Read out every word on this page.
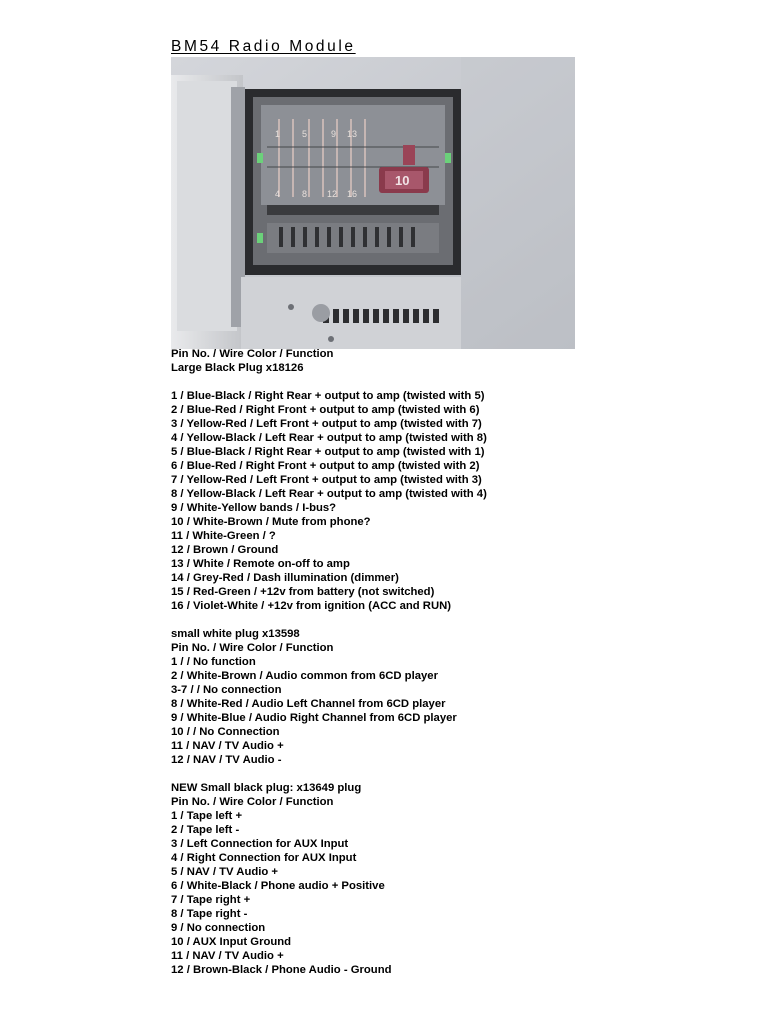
BM54 Radio Module
1 5	9 13
4 8 12 16
10
Pin No. / Wire Color / Function
Large Black Plug x18126
1 / Blue-Black / Right Rear + output to amp (twisted with 5)
2 / Blue-Red / Right Front + output to amp (twisted with 6)
3 / Yellow-Red / Left Front + output to amp (twisted with 7)
4 / Yellow-Black / Left Rear + output to amp (twisted with 8)
5 / Blue-Black / Right Rear + output to amp (twisted with 1)
6 / Blue-Red / Right Front + output to amp (twisted with 2)
7 / Yellow-Red / Left Front + output to amp (twisted with 3)
8 / Yellow-Black / Left Rear + output to amp (twisted with 4)
9 / White-Yellow bands / I-bus?
10 / White-Brown / Mute from phone?
11 / White-Green / ?
12 / Brown / Ground
13 / White / Remote on-off to amp
14 / Grey-Red / Dash illumination (dimmer)
15 / Red-Green / +12v from battery (not switched)
16 / Violet-White / +12v from ignition (ACC and RUN)
small white plug x13598
Pin No. / Wire Color / Function
1 / / No function
2 / White-Brown / Audio common from 6CD player
3-7 / / No connection
8 / White-Red / Audio Left Channel from 6CD player
9 / White-Blue / Audio Right Channel from 6CD player
10 / / No Connection
11 / NAV / TV Audio +
12 / NAV / TV Audio -
NEW Small black plug: x13649 plug
Pin No. / Wire Color / Function
1 / Tape left +
2 / Tape left -
3 / Left Connection for AUX Input
4 / Right Connection for AUX Input
5 / NAV / TV Audio +
6 / White-Black / Phone audio + Positive
7 / Tape right +
8 / Tape right -
9 / No connection
10 / AUX Input Ground
11 / NAV / TV Audio +
12 / Brown-Black / Phone Audio - Ground
